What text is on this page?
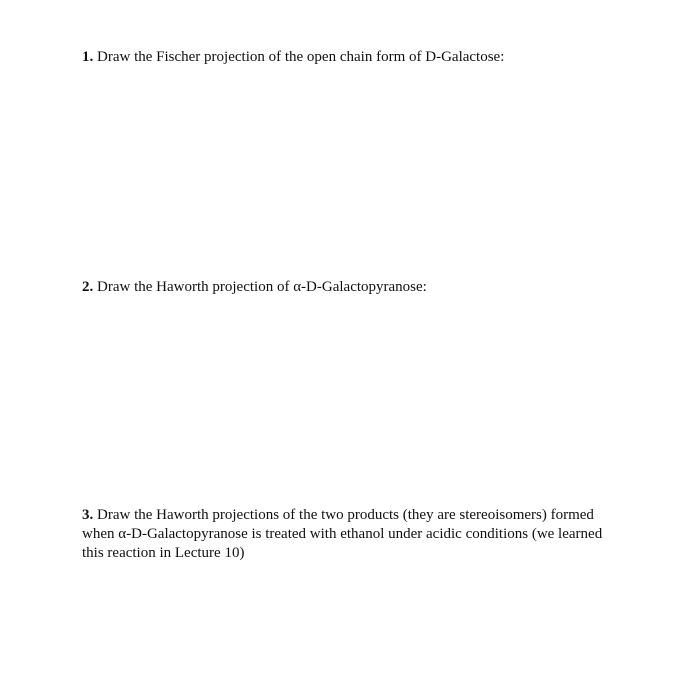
1. Draw the Fischer projection of the open chain form of D-Galactose:
2. Draw the Haworth projection of α-D-Galactopyranose:
3. Draw the Haworth projections of the two products (they are stereoisomers) formed when α-D-Galactopyranose is treated with ethanol under acidic conditions (we learned this reaction in Lecture 10)
